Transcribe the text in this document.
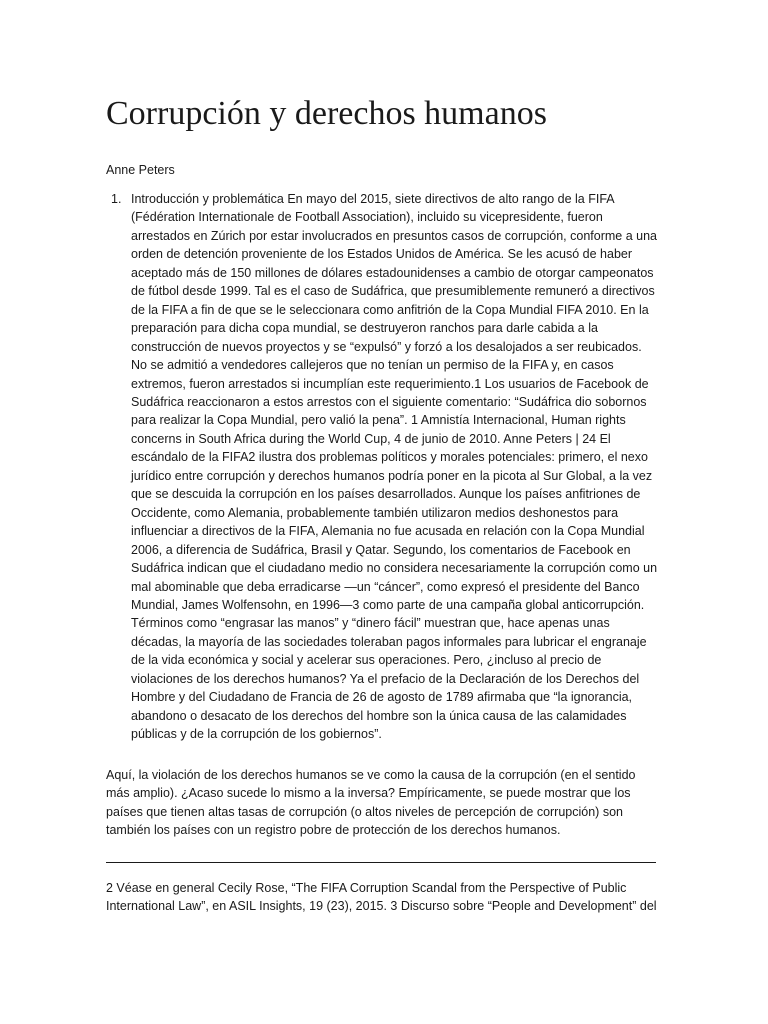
Corrupción y derechos humanos

Anne Peters

1. Introducción y problemática En mayo del 2015, siete directivos de alto rango de la FIFA (Fédération Internationale de Football Association), incluido su vicepresidente, fueron arrestados en Zúrich por estar involucrados en presuntos casos de corrupción, conforme a una orden de detención proveniente de los Estados Unidos de América. Se les acusó de haber aceptado más de 150 millones de dólares estadounidenses a cambio de otorgar campeonatos de fútbol desde 1999. Tal es el caso de Sudáfrica, que presumiblemente remuneró a directivos de la FIFA a fin de que se le seleccionara como anfitrión de la Copa Mundial FIFA 2010. En la preparación para dicha copa mundial, se destruyeron ranchos para darle cabida a la construcción de nuevos proyectos y se “expulsó” y forzó a los desalojados a ser reubicados. No se admitió a vendedores callejeros que no tenían un permiso de la FIFA y, en casos extremos, fueron arrestados si incumplían este requerimiento.1 Los usuarios de Facebook de Sudáfrica reaccionaron a estos arrestos con el siguiente comentario: “Sudáfrica dio sobornos para realizar la Copa Mundial, pero valió la pena”. 1 Amnistía Internacional, Human rights concerns in South Africa during the World Cup, 4 de junio de 2010. Anne Peters | 24 El escándalo de la FIFA2 ilustra dos problemas políticos y morales potenciales: primero, el nexo jurídico entre corrupción y derechos humanos podría poner en la picota al Sur Global, a la vez que se descuida la corrupción en los países desarrollados. Aunque los países anfitriones de Occidente, como Alemania, probablemente también utilizaron medios deshonestos para influenciar a directivos de la FIFA, Alemania no fue acusada en relación con la Copa Mundial 2006, a diferencia de Sudáfrica, Brasil y Qatar. Segundo, los comentarios de Facebook en Sudáfrica indican que el ciudadano medio no considera necesariamente la corrupción como un mal abominable que deba erradicarse —un “cáncer”, como expresó el presidente del Banco Mundial, James Wolfensohn, en 1996—3 como parte de una campaña global anticorrupción. Términos como “engrasar las manos” y “dinero fácil” muestran que, hace apenas unas décadas, la mayoría de las sociedades toleraban pagos informales para lubricar el engranaje de la vida económica y social y acelerar sus operaciones. Pero, ¿incluso al precio de violaciones de los derechos humanos? Ya el prefacio de la Declaración de los Derechos del Hombre y del Ciudadano de Francia de 26 de agosto de 1789 afirmaba que “la ignorancia, abandono o desacato de los derechos del hombre son la única causa de las calamidades públicas y de la corrupción de los gobiernos”.

Aquí, la violación de los derechos humanos se ve como la causa de la corrupción (en el sentido más amplio). ¿Acaso sucede lo mismo a la inversa? Empíricamente, se puede mostrar que los países que tienen altas tasas de corrupción (o altos niveles de percepción de corrupción) son también los países con un registro pobre de protección de los derechos humanos.

2 Véase en general Cecily Rose, “The FIFA Corruption Scandal from the Perspective of Public International Law”, en ASIL Insights, 19 (23), 2015. 3 Discurso sobre “People and Development” del
